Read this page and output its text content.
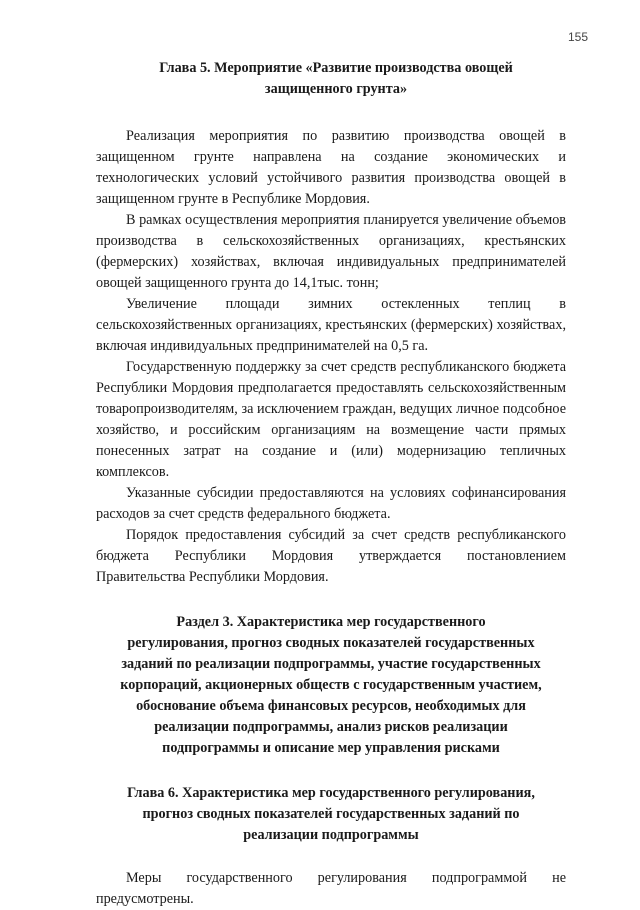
155
Глава 5. Мероприятие «Развитие производства овощей
защищенного грунта»

Реализация мероприятия по развитию производства овощей в защищенном грунте направлена на создание экономических и технологических условий устойчивого развития производства овощей в защищенном грунте в Республике Мордовия.

В рамках осуществления мероприятия планируется увеличение объемов производства в сельскохозяйственных организациях, крестьянских (фермерских) хозяйствах, включая индивидуальных предпринимателей овощей защищенного грунта до 14,1тыс. тонн;

Увеличение площади зимних остекленных теплиц в сельскохозяйственных организациях, крестьянских (фермерских) хозяйствах, включая индивидуальных предпринимателей на 0,5 га.

Государственную поддержку за счет средств республиканского бюджета Республики Мордовия предполагается предоставлять сельскохозяйственным товаропроизводителям, за исключением граждан, ведущих личное подсобное хозяйство, и российским организациям на возмещение части прямых понесенных затрат на создание и (или) модернизацию тепличных комплексов.

Указанные субсидии предоставляются на условиях софинансирования расходов за счет средств федерального бюджета.

Порядок предоставления субсидий за счет средств республиканского бюджета Республики Мордовия утверждается постановлением Правительства Республики Мордовия.

Раздел 3. Характеристика мер государственного
регулирования, прогноз сводных показателей государственных
заданий по реализации подпрограммы, участие государственных
корпораций, акционерных обществ с государственным участием,
обоснование объема финансовых ресурсов, необходимых для
реализации подпрограммы, анализ рисков реализации
подпрограммы и описание мер управления рисками
Глава 6. Характеристика мер государственного регулирования,
прогноз сводных показателей государственных заданий по
реализации подпрограммы

Меры государственного регулирования подпрограммой не предусмотрены.
